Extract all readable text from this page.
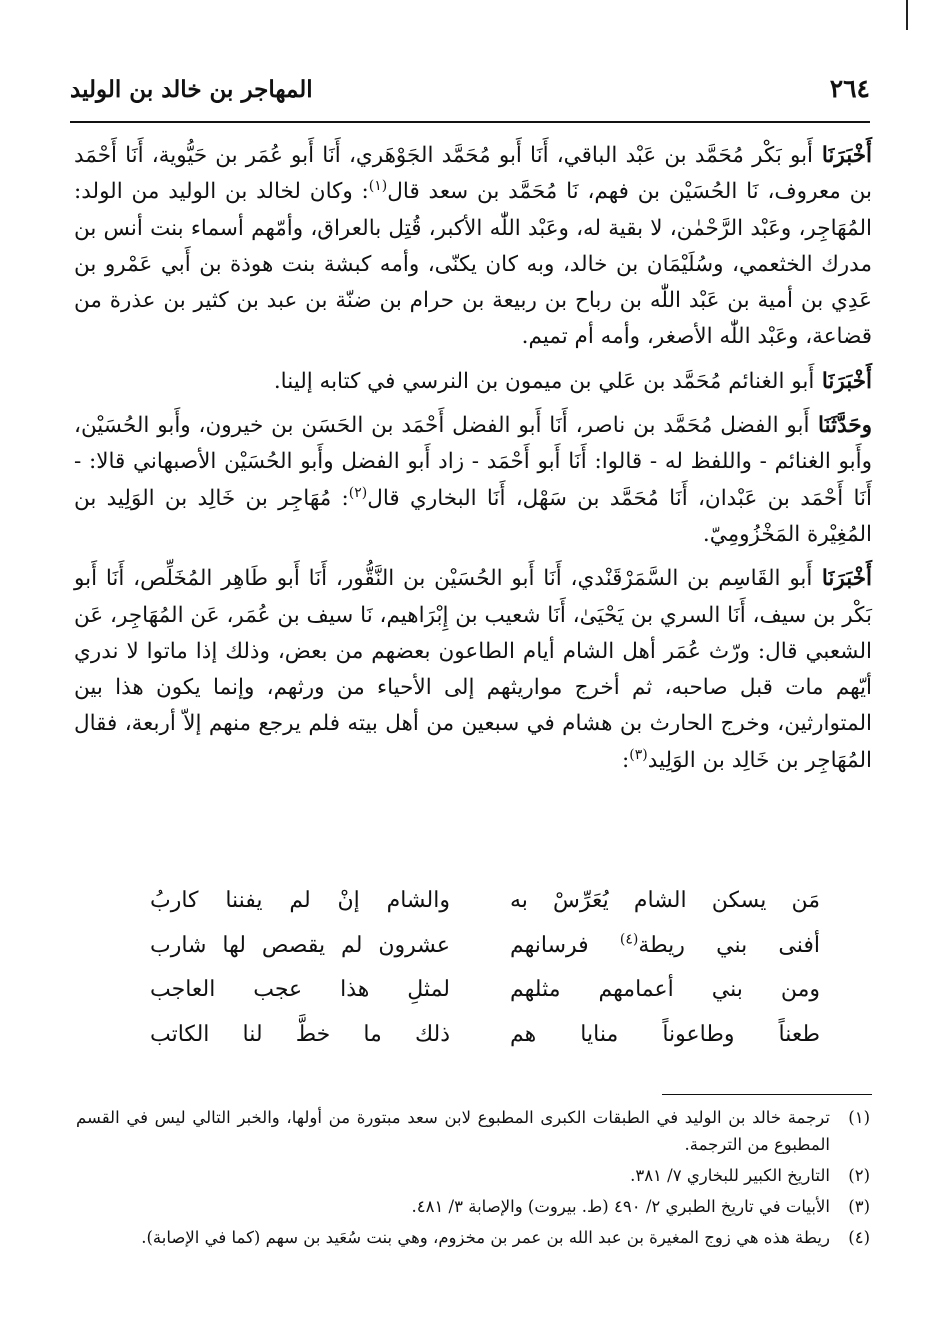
٢٦٤
المهاجر بن خالد بن الوليد

أَخْبَرَنَاأَبو بَكْر مُحَمَّد بن عَبْد الباقي، أَنَا أَبو مُحَمَّد الجَوْهَري، أَنَا أَبو عُمَر بن حَيُّوية، أَنَا أَحْمَد بن معروف، نَا الحُسَيْن بن فهم، نَا مُحَمَّد بن سعد قال$^{(١)}$: وكان لخالد بن الوليد من الولد: المُهَاجِر، وعَبْد الرَّحْمٰن، لا بقية له، وعَبْد اللّٰه الأكبر، قُتِل بالعراق، وأمّهم أسماء بنت أنس بن مدرك الخثعمي، وسُلَيْمَان بن خالد، وبه كان يكنّى، وأمه كبشة بنت هوذة بن أَبي عَمْرو بن عَدِي بن أمية بن عَبْد اللّٰه بن رباح بن ربيعة بن حرام بن ضنّة بن عبد بن كثير بن عذرة من قضاعة، وعَبْد اللّٰه الأصغر، وأمه أم تميم.

أَخْبَرَنَاأَبو الغنائم مُحَمَّد بن عَلي بن ميمون بن النرسي في كتابه إلينا.

وحَدَّثَنَاأَبو الفضل مُحَمَّد بن ناصر، أَنَا أَبو الفضل أَحْمَد بن الحَسَن بن خيرون، وأَبو الحُسَيْن، وأَبو الغنائم - واللفظ له - قالوا: أَنَا أَبو أَحْمَد - زاد أَبو الفضل وأَبو الحُسَيْن الأصبهاني قالا: - أَنَا أَحْمَد بن عَبْدان، أَنَا مُحَمَّد بن سَهْل، أَنَا البخاري قال$^{(٢)}$: مُهَاجِر بن خَالِد بن الوَلِيد بن المُغِيْرة المَخْزُومِيّ.

أَخْبَرَنَاأَبو القَاسِم بن السَّمَرْقَنْدي، أَنَا أَبو الحُسَيْن بن النَّقُّور، أَنَا أَبو طَاهِر المُخَلِّص، أَنَا أَبو بَكْر بن سيف، أَنَا السري بن يَحْيَىٰ، أَنَا شعيب بن إِبْرَاهيم، نَا سيف بن عُمَر، عَن المُهَاجِر، عَن الشعبي قال: ورّث عُمَر أهل الشام أيام الطاعون بعضهم من بعض، وذلك إذا ماتوا لا ندري أيّهم مات قبل صاحبه، ثم أخرج مواريثهم إلى الأحياء من ورثهم، وإنما يكون هذا بين المتوارثين، وخرج الحارث بن هشام في سبعين من أهل بيته فلم يرجع منهم إلاّ أربعة، فقال المُهَاجِر بن خَالِد بن الوَلِيد$^{(٣)}$:

مَن يسكن الشام يُعَرِّسْ به
والشام إنْ لم يفننا كاربُ
أفنى بني ريطة$^{(٤)}$ فرسانهم
عشرون لم يقصص لها شارب
ومن بني أعمامهم مثلهم
لمثلِ هذا عجب العاجب
طعناً وطاعوناً منايا هم
ذلك ما خطَّ لنا الكاتب
(١)
ترجمة خالد بن الوليد في الطبقات الكبرى المطبوع لابن سعد مبتورة من أولها، والخبر التالي ليس في القسم المطبوع من الترجمة.
(٢)
التاريخ الكبير للبخاري ٧/ ٣٨١.
(٣)
الأبيات في تاريخ الطبري ٢/ ٤٩٠ (ط. بيروت) والإصابة ٣/ ٤٨١.
(٤)
ريطة هذه هي زوج المغيرة بن عبد الله بن عمر بن مخزوم، وهي بنت سُعَيد بن سهم (كما في الإصابة).
